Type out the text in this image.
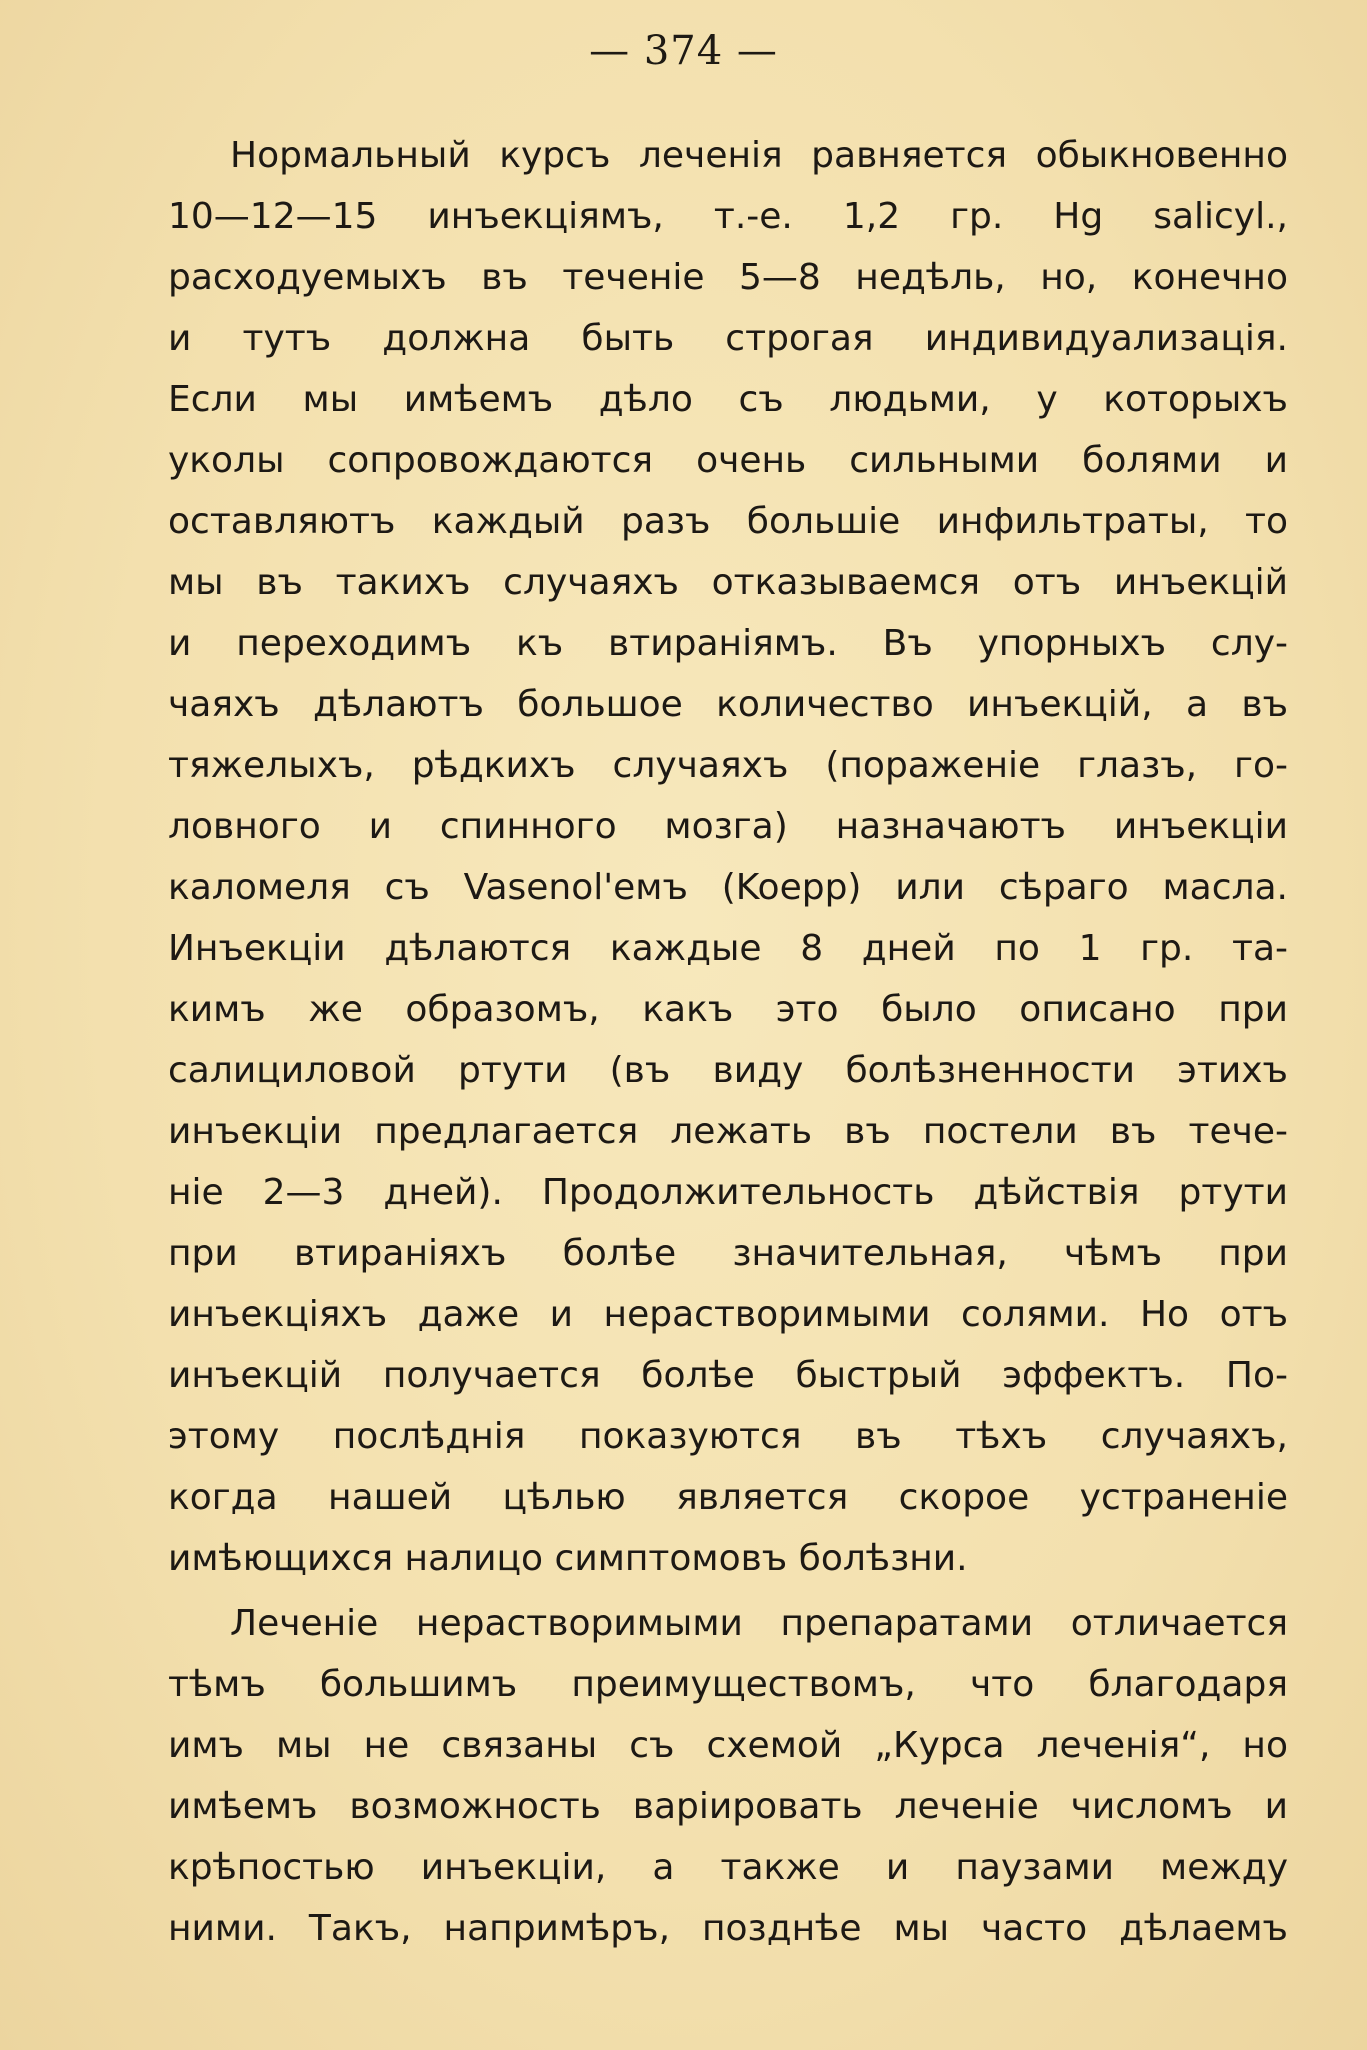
— 374 —
Нормальный курсъ леченія равняется обыкновенно
10—12—15 инъекціямъ, т.-е. 1,2 гр. Hg salicyl.,
расходуемыхъ въ теченіе 5—8 недѣль, но, конечно
и тутъ должна быть строгая индивидуализація.
Если мы имѣемъ дѣло съ людьми, у которыхъ
уколы сопровождаются очень сильными болями и
оставляютъ каждый разъ большіе инфильтраты, то
мы въ такихъ случаяхъ отказываемся отъ инъекцій
и переходимъ къ втираніямъ. Въ упорныхъ слу-
чаяхъ дѣлаютъ большое количество инъекцій, а въ
тяжелыхъ, рѣдкихъ случаяхъ (пораженіе глазъ, го-
ловного и спинного мозга) назначаютъ инъекціи
каломеля съ Vasenol'емъ (Koepp) или сѣраго масла.
Инъекціи дѣлаются каждые 8 дней по 1 гр. та-
кимъ же образомъ, какъ это было описано при
салициловой ртути (въ виду болѣзненности этихъ
инъекціи предлагается лежать въ постели въ тече-
ніе 2—3 дней). Продолжительность дѣйствія ртути
при втираніяхъ болѣе значительная, чѣмъ при
инъекціяхъ даже и нерастворимыми солями. Но отъ
инъекцій получается болѣе быстрый эффектъ. По-
этому послѣднія показуются въ тѣхъ случаяхъ,
когда нашей цѣлью является скорое устраненіе
имѣющихся налицо симптомовъ болѣзни.
Леченіе нерастворимыми препаратами отличается
тѣмъ большимъ преимуществомъ, что благодаря
имъ мы не связаны съ схемой „Курса леченія“, но
имѣемъ возможность варіировать леченіе числомъ и
крѣпостью инъекціи, а также и паузами между
ними. Такъ, напримѣръ, позднѣе мы часто дѣлаемъ
